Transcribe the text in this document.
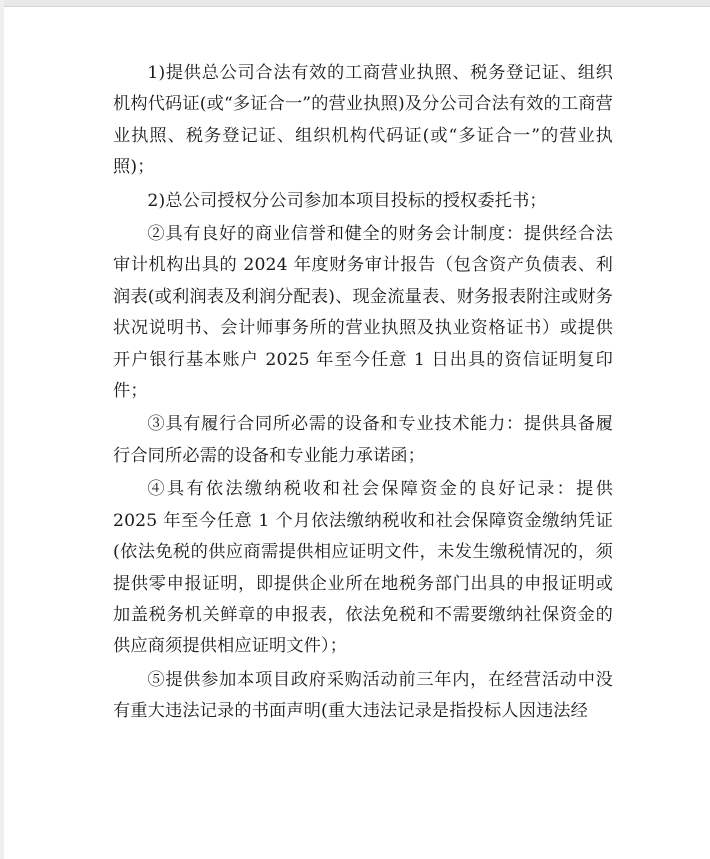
1)提供总公司合法有效的工商营业执照、税务登记证、组织机构代码证(或“多证合一”的营业执照)及分公司合法有效的工商营业执照、税务登记证、组织机构代码证(或“多证合一”的营业执照)；

2)总公司授权分公司参加本项目投标的授权委托书；

②具有良好的商业信誉和健全的财务会计制度：提供经合法审计机构出具的 2024 年度财务审计报告（包含资产负债表、利润表(或利润表及利润分配表)、现金流量表、财务报表附注或财务状况说明书、会计师事务所的营业执照及执业资格证书）或提供开户银行基本账户 2025 年至今任意 1 日出具的资信证明复印件；

③具有履行合同所必需的设备和专业技术能力：提供具备履行合同所必需的设备和专业能力承诺函；

④具有依法缴纳税收和社会保障资金的良好记录：提供 2025 年至今任意 1 个月依法缴纳税收和社会保障资金缴纳凭证(依法免税的供应商需提供相应证明文件，未发生缴税情况的，须提供零申报证明，即提供企业所在地税务部门出具的申报证明或加盖税务机关鲜章的申报表，依法免税和不需要缴纳社保资金的供应商须提供相应证明文件）；

⑤提供参加本项目政府采购活动前三年内，在经营活动中没有重大违法记录的书面声明(重大违法记录是指投标人因违法经
